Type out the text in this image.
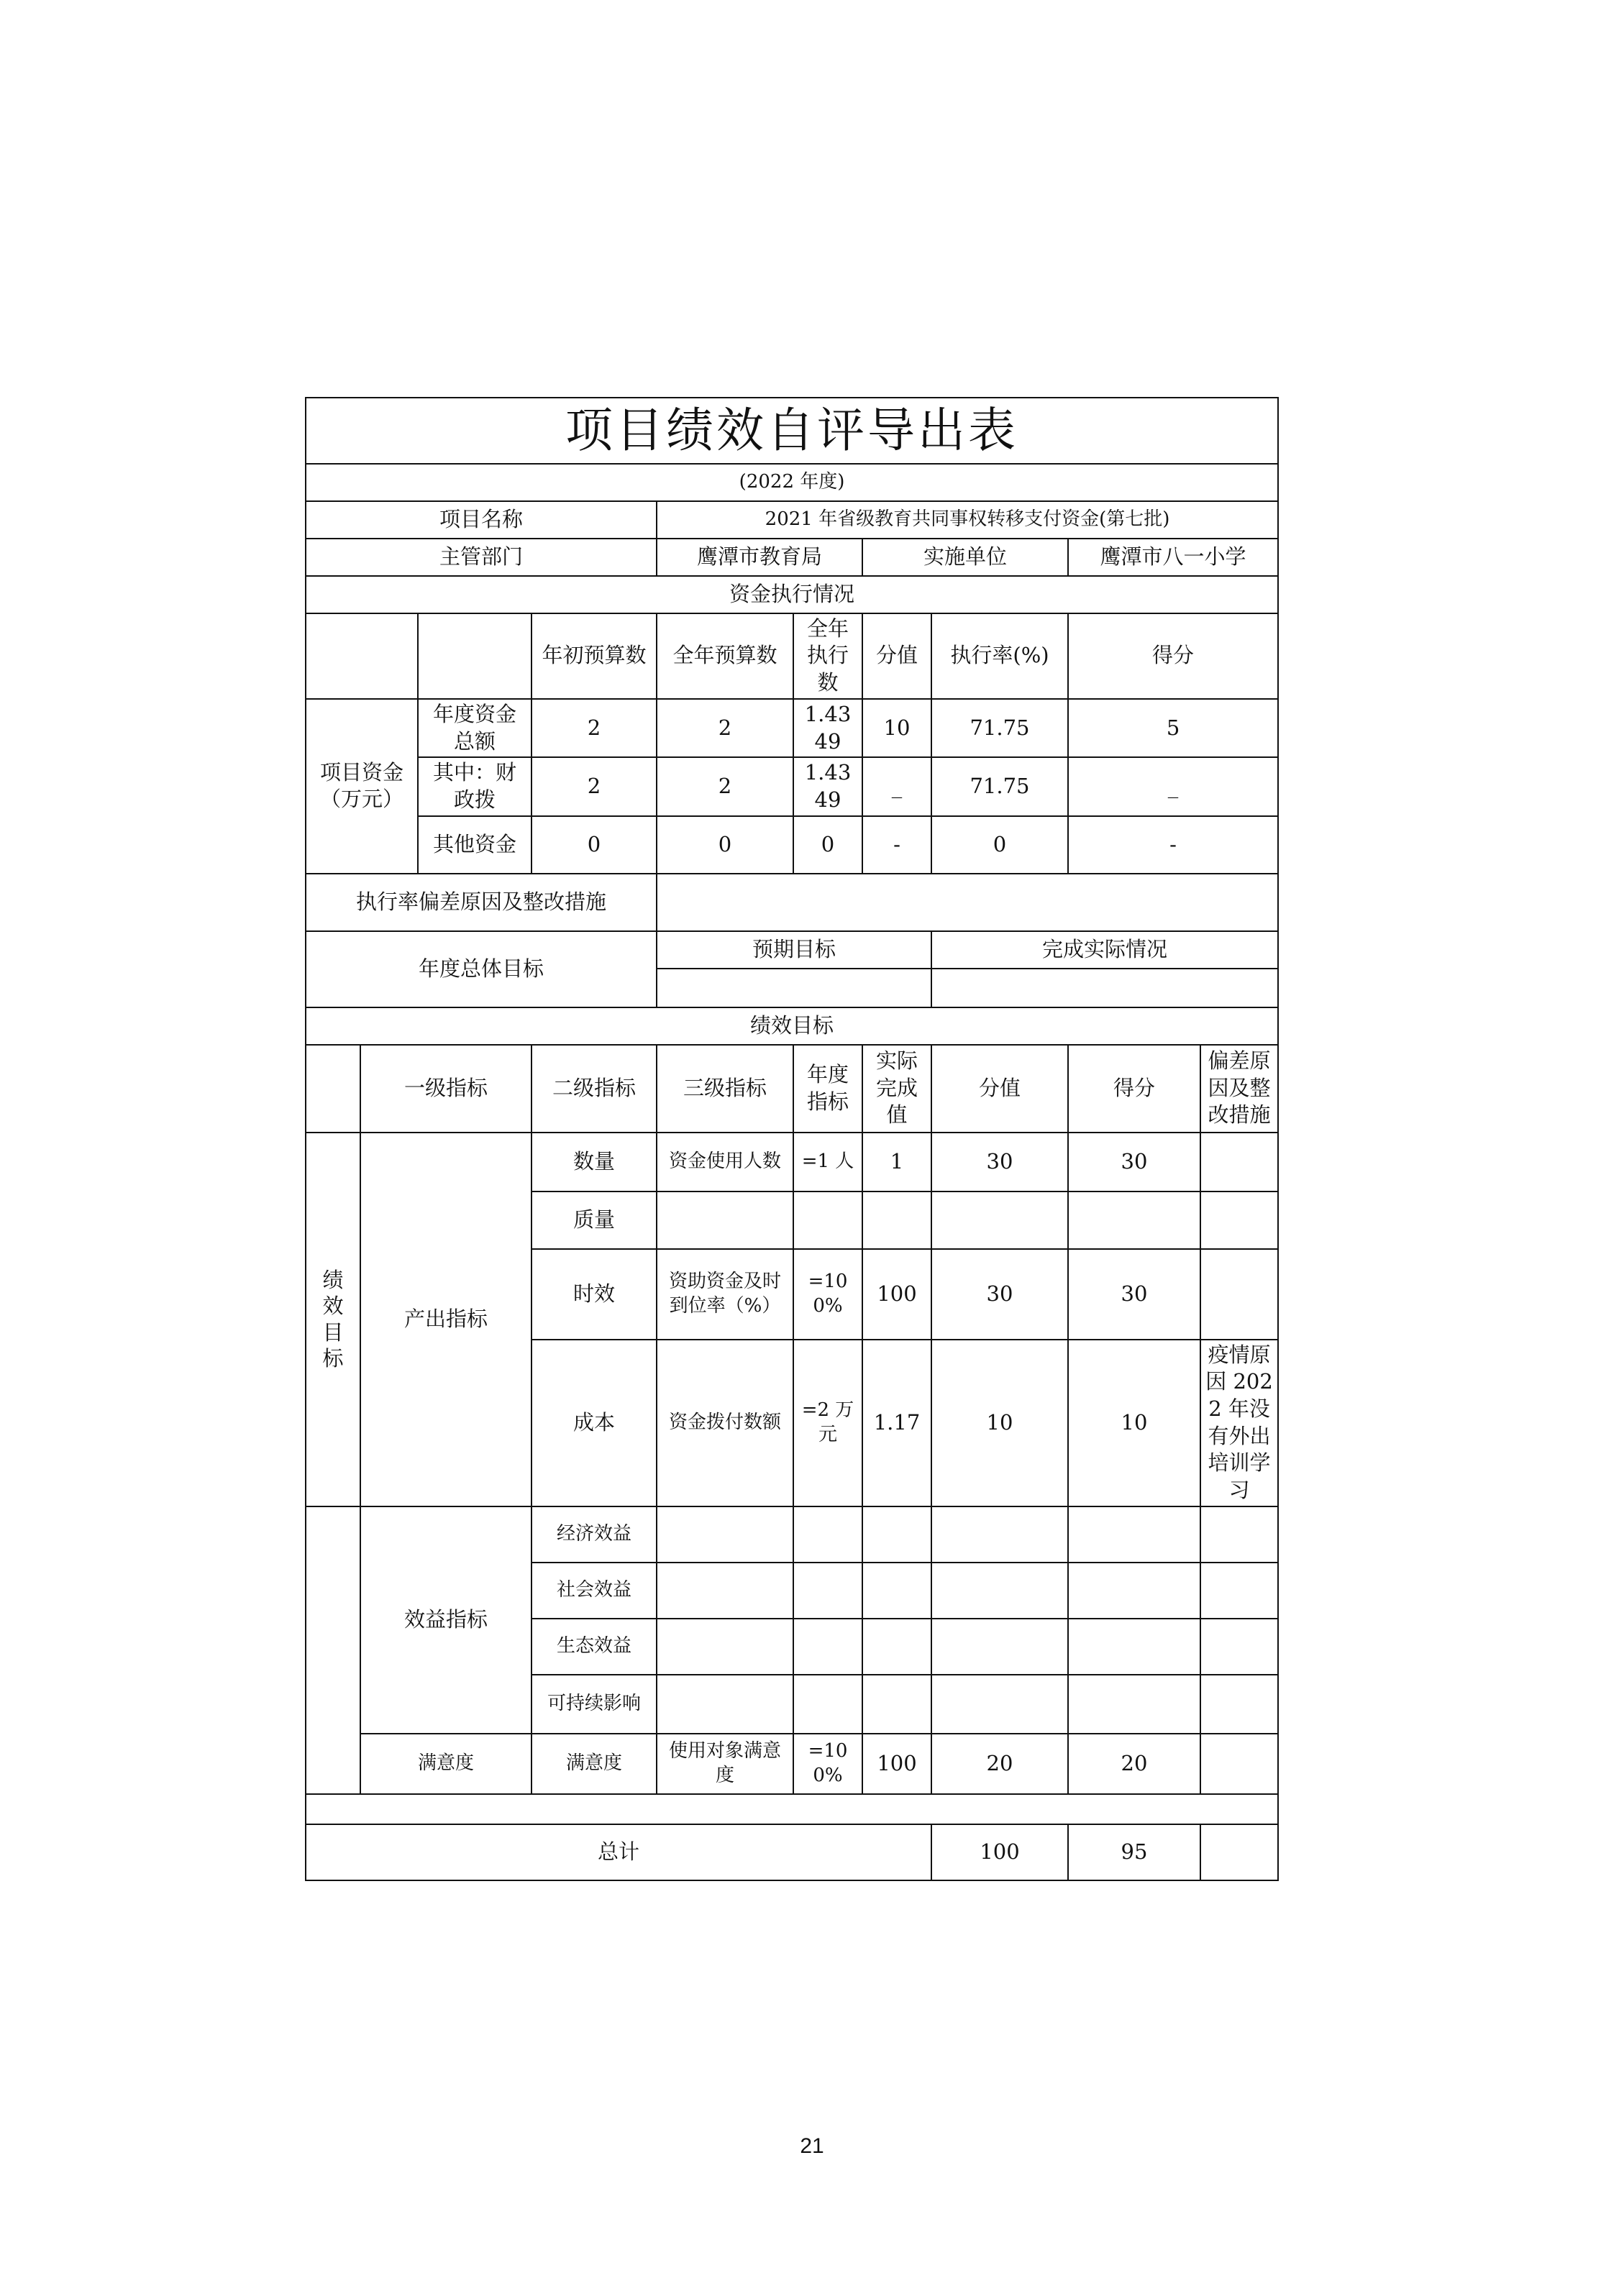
项目绩效自评导出表									
(2022 年度)									
项目名称				2021 年省级教育共同事权转移支付资金(第七批)					
主管部门				鹰潭市教育局		实施单位		鹰潭市八一小学	
资金执行情况									
			年初预算数	全年预算数	全年执行数	分值	执行率(%)	得分	
项目资金（万元）		年度资金总额	2	2	1.4349	10	71.75	5	
		其中：财政拨	2	2	1.4349	_	71.75	_	
		其他资金	0	0	0	-	0	-	
执行率偏差原因及整改措施									
年度总体目标				预期目标			完成实际情况		

绩效目标									
	一级指标		二级指标	三级指标	年度指标	实际完成值	分值	得分	偏差原因及整改措施
绩效目标	产出指标		数量	资金使用人数	=1 人	1	30	30	
			质量						
			时效	资助资金及时到位率（%）	=100%	100	30	30	
			成本	资金拨付数额	=2 万元	1.17	10	10	疫情原因 2022 年没有外出培训学习
	效益指标		经济效益						
			社会效益						
			生态效益						
			可持续影响						
	满意度		满意度	使用对象满意度	=100%	100	20	20	

总计							100	95	
21
